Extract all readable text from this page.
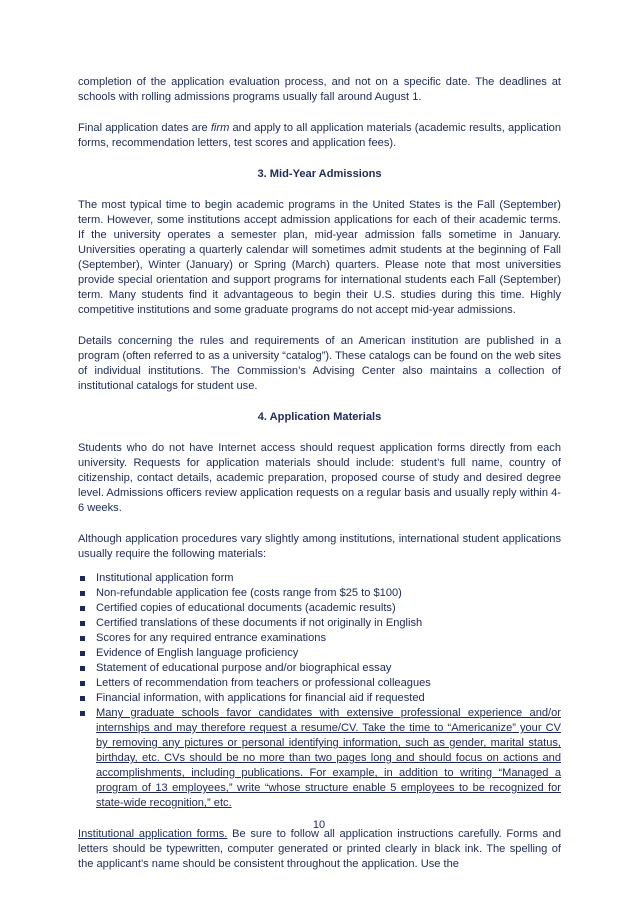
completion of the application evaluation process, and not on a specific date. The deadlines at schools with rolling admissions programs usually fall around August 1.

Final application dates are firm and apply to all application materials (academic results, application forms, recommendation letters, test scores and application fees).

3. Mid-Year Admissions

The most typical time to begin academic programs in the United States is the Fall (September) term. However, some institutions accept admission applications for each of their academic terms. If the university operates a semester plan, mid-year admission falls sometime in January. Universities operating a quarterly calendar will sometimes admit students at the beginning of Fall (September), Winter (January) or Spring (March) quarters. Please note that most universities provide special orientation and support programs for international students each Fall (September) term. Many students find it advantageous to begin their U.S. studies during this time. Highly competitive institutions and some graduate programs do not accept mid-year admissions.

Details concerning the rules and requirements of an American institution are published in a program (often referred to as a university “catalog”). These catalogs can be found on the web sites of individual institutions. The Commission’s Advising Center also maintains a collection of institutional catalogs for student use.

4. Application Materials

Students who do not have Internet access should request application forms directly from each university. Requests for application materials should include: student’s full name, country of citizenship, contact details, academic preparation, proposed course of study and desired degree level. Admissions officers review application requests on a regular basis and usually reply within 4-6 weeks.

Although application procedures vary slightly among institutions, international student applications usually require the following materials:

Institutional application form
Non-refundable application fee (costs range from $25 to $100)
Certified copies of educational documents (academic results)
Certified translations of these documents if not originally in English
Scores for any required entrance examinations
Evidence of English language proficiency
Statement of educational purpose and/or biographical essay
Letters of recommendation from teachers or professional colleagues
Financial information, with applications for financial aid if requested
Many graduate schools favor candidates with extensive professional experience and/or internships and may therefore request a resume/CV. Take the time to “Americanize” your CV by removing any pictures or personal identifying information, such as gender, marital status, birthday, etc. CVs should be no more than two pages long and should focus on actions and accomplishments, including publications. For example, in addition to writing “Managed a program of 13 employees,” write “whose structure enable 5 employees to be recognized for state-wide recognition,” etc.

Institutional application forms. Be sure to follow all application instructions carefully. Forms and letters should be typewritten, computer generated or printed clearly in black ink. The spelling of the applicant’s name should be consistent throughout the application. Use the

10
